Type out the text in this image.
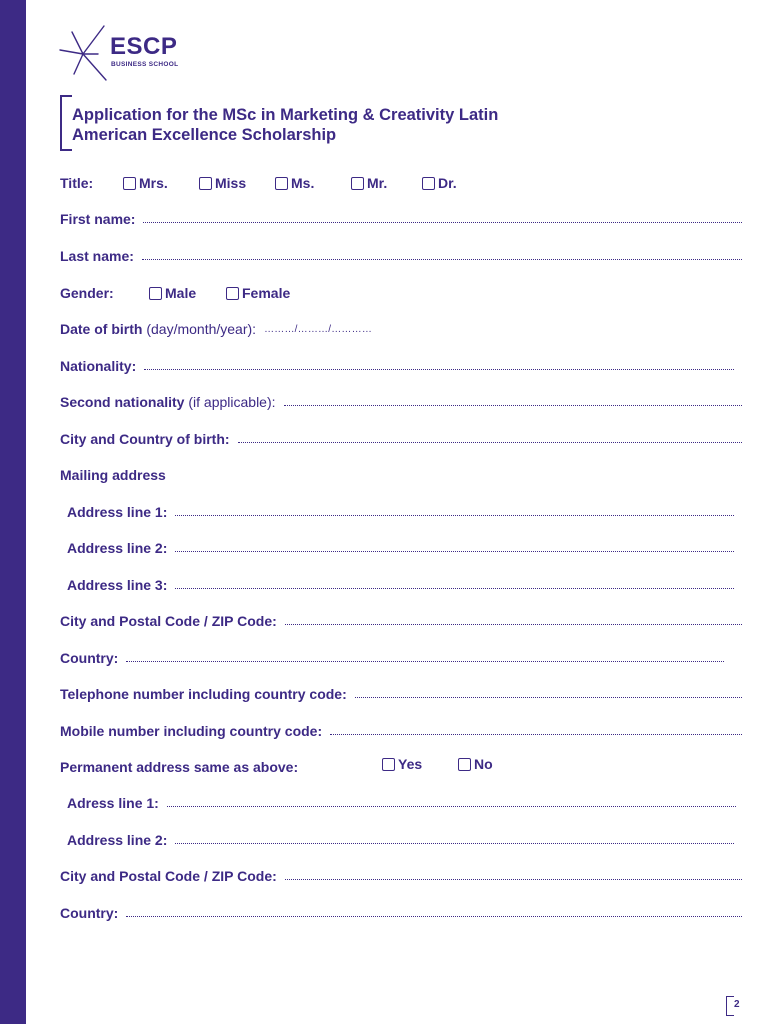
ESCP
BUSINESS SCHOOL
Application for the MSc in Marketing & Creativity Latin
American Excellence Scholarship
Title:	Mrs.	Miss	Ms.	Mr.	Dr.
First name:
Last name:
Gender:	Male	Female
Date of birth
(day/month/year): ………/………/…………
Nationality:
Second nationality
(if applicable):
City and Country of birth:
Mailing address
Address line 1:
Address line 2:
Address line 3:
City and Postal Code / ZIP Code:
Country:
Telephone number including country code:
Mobile number including country code:
Permanent address same as above:	Yes	No
Adress line 1:
Address line 2:
City and Postal Code / ZIP Code:
Country:
2
